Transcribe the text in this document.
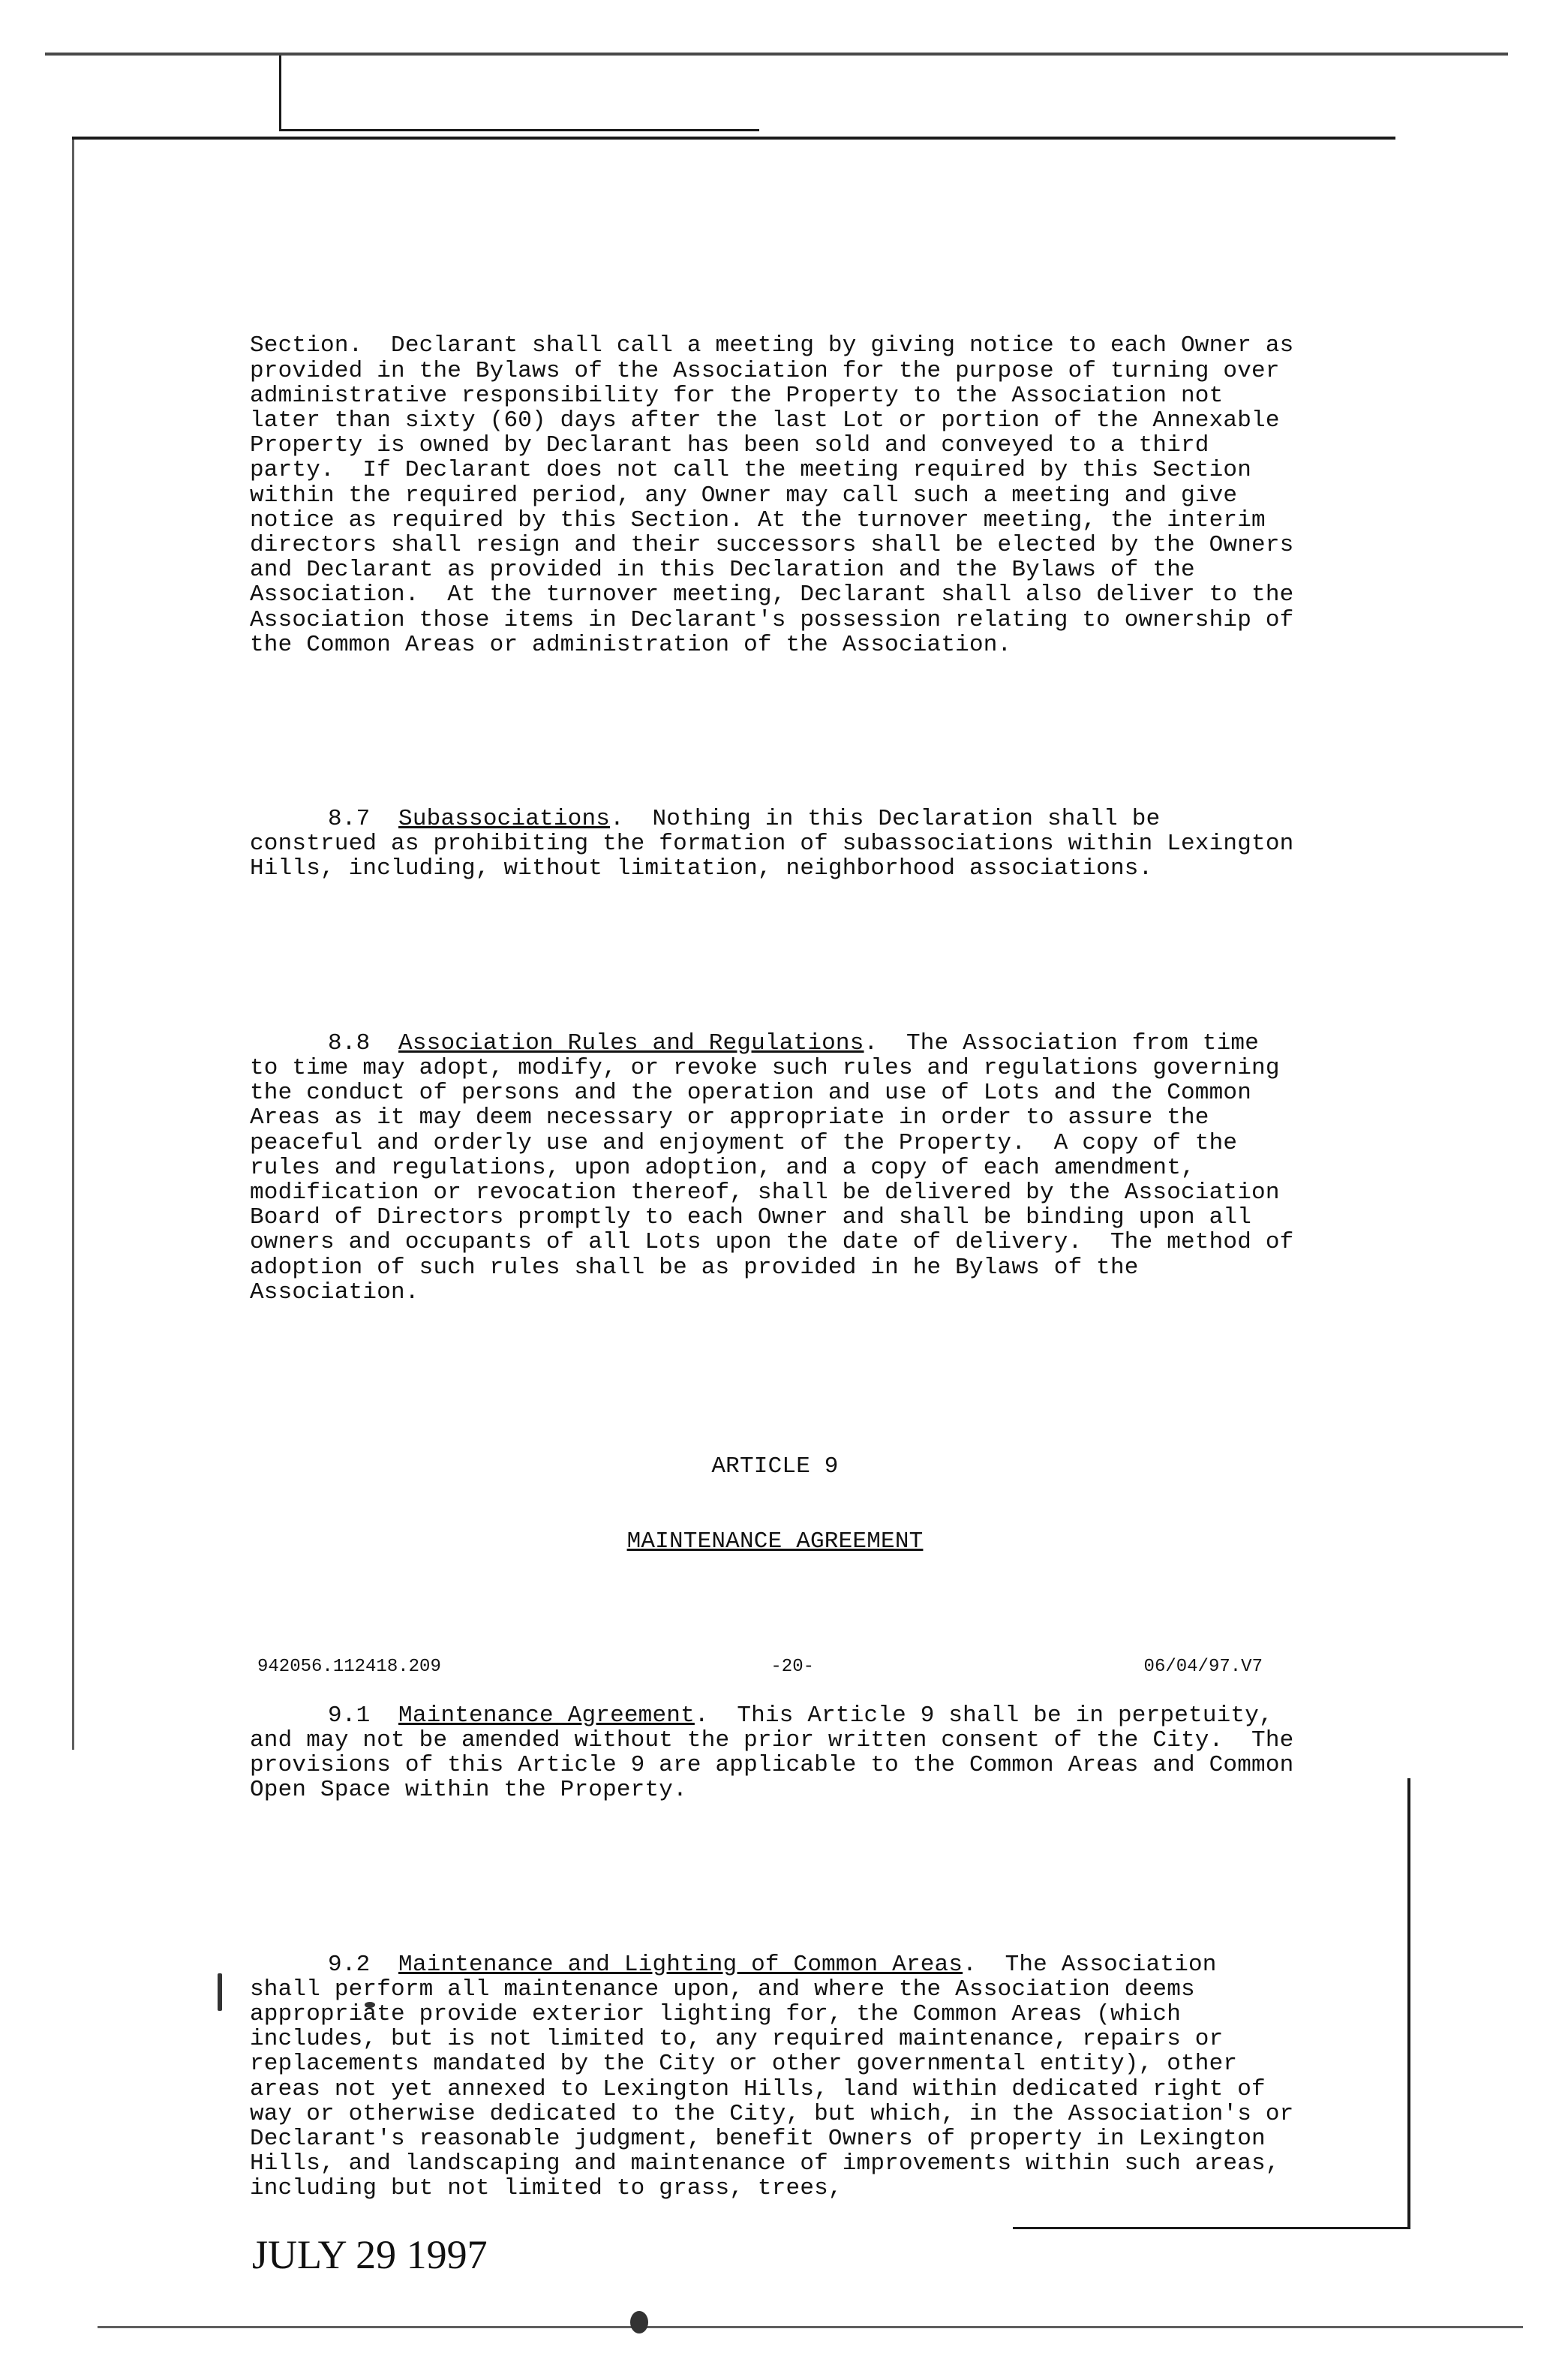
Section.  Declarant shall call a meeting by giving notice to each Owner as provided in the Bylaws of the Association for the purpose of turning over administrative responsibility for the Property to the Association not later than sixty (60) days after the last Lot or portion of the Annexable Property is owned by Declarant has been sold and conveyed to a third party.  If Declarant does not call the meeting required by this Section within the required period, any Owner may call such a meeting and give notice as required by this Section. At the turnover meeting, the interim directors shall resign and their successors shall be elected by the Owners and Declarant as provided in this Declaration and the Bylaws of the Association.  At the turnover meeting, Declarant shall also deliver to the Association those items in Declarant's possession relating to ownership of the Common Areas or administration of the Association.

8.7 Subassociations.  Nothing in this Declaration shall be construed as prohibiting the formation of subassociations within Lexington Hills, including, without limitation, neighborhood associations.

8.8 Association Rules and Regulations.  The Association from time to time may adopt, modify, or revoke such rules and regulations governing the conduct of persons and the operation and use of Lots and the Common Areas as it may deem necessary or appropriate in order to assure the peaceful and orderly use and enjoyment of the Property.  A copy of the rules and regulations, upon adoption, and a copy of each amendment, modification or revocation thereof, shall be delivered by the Association Board of Directors promptly to each Owner and shall be binding upon all owners and occupants of all Lots upon the date of delivery.  The method of adoption of such rules shall be as provided in he Bylaws of the Association.

ARTICLE 9

MAINTENANCE AGREEMENT

9.1 Maintenance Agreement.  This Article 9 shall be in perpetuity, and may not be amended without the prior written consent of the City.  The provisions of this Article 9 are applicable to the Common Areas and Common Open Space within the Property.

9.2 Maintenance and Lighting of Common Areas.  The Association shall perform all maintenance upon, and where the Association deems appropriate provide exterior lighting for, the Common Areas (which includes, but is not limited to, any required maintenance, repairs or replacements mandated by the City or other governmental entity), other areas not yet annexed to Lexington Hills, land within dedicated right of way or otherwise dedicated to the City, but which, in the Association's or Declarant's reasonable judgment, benefit Owners of property in Lexington Hills, and landscaping and maintenance of improvements within such areas, including but not limited to grass, trees,

942056.112418.209	-20-	06/04/97.V7
JULY 29 1997
